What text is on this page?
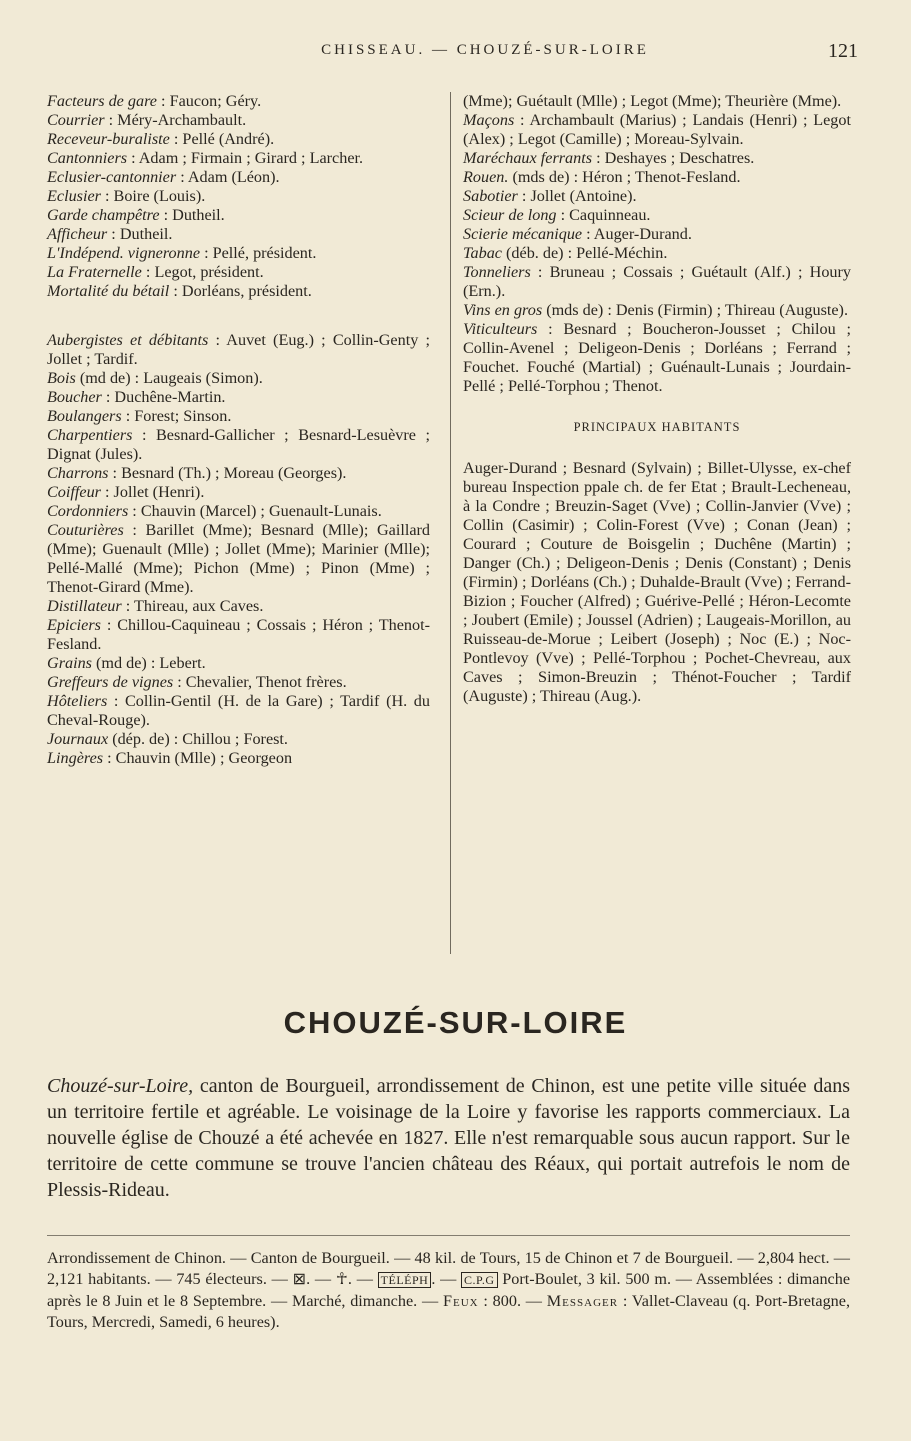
CHISSEAU. — CHOUZÉ-SUR-LOIRE	121
Facteurs de gare : Faucon; Géry.
Courrier : Méry-Archambault.
Receveur-buraliste : Pellé (André).
Cantonniers : Adam ; Firmain ; Girard ; Larcher.
Eclusier-cantonnier : Adam (Léon).
Eclusier : Boire (Louis).
Garde champêtre : Dutheil.
Afficheur : Dutheil.
L'Indépend. vigneronne : Pellé, président.
La Fraternelle : Legot, président.
Mortalité du bétail : Dorléans, président.
Aubergistes et débitants : Auvet (Eug.) ; Collin-Genty ; Jollet ; Tardif.
Bois (md de) : Laugeais (Simon).
Boucher : Duchêne-Martin.
Boulangers : Forest; Sinson.
Charpentiers : Besnard-Gallicher ; Besnard-Lesuèvre ; Dignat (Jules).
Charrons : Besnard (Th.) ; Moreau (Georges).
Coiffeur : Jollet (Henri).
Cordonniers : Chauvin (Marcel) ; Guenault-Lunais.
Couturières : Barillet (Mme); Besnard (Mlle); Gaillard (Mme); Guenault (Mlle) ; Jollet (Mme); Marinier (Mlle); Pellé-Mallé (Mme); Pichon (Mme) ; Pinon (Mme) ; Thenot-Girard (Mme).
Distillateur : Thireau, aux Caves.
Epiciers : Chillou-Caquineau ; Cossais ; Héron ; Thenot-Fesland.
Grains (md de) : Lebert.
Greffeurs de vignes : Chevalier, Thenot frères.
Hôteliers : Collin-Gentil (H. de la Gare) ; Tardif (H. du Cheval-Rouge).
Journaux (dép. de) : Chillou ; Forest.
Lingères : Chauvin (Mlle) ; Georgeon
(Mme); Guétault (Mlle) ; Legot (Mme); Theurière (Mme).
Maçons : Archambault (Marius) ; Landais (Henri) ; Legot (Alex) ; Legot (Camille) ; Moreau-Sylvain.
Maréchaux ferrants : Deshayes ; Deschatres.
Rouen. (mds de) : Héron ; Thenot-Fesland.
Sabotier : Jollet (Antoine).
Scieur de long : Caquinneau.
Scierie mécanique : Auger-Durand.
Tabac (déb. de) : Pellé-Méchin.
Tonneliers : Bruneau ; Cossais ; Guétault (Alf.) ; Houry (Ern.).
Vins en gros (mds de) : Denis (Firmin) ; Thireau (Auguste).
Viticulteurs : Besnard ; Boucheron-Jousset ; Chilou ; Collin-Avenel ; Deligeon-Denis ; Dorléans ; Ferrand ; Fouchet. Fouché (Martial) ; Guénault-Lunais ; Jourdain-Pellé ; Pellé-Torphou ; Thenot.
PRINCIPAUX HABITANTS
Auger-Durand ; Besnard (Sylvain) ; Billet-Ulysse, ex-chef bureau Inspection ppale ch. de fer Etat ; Brault-Lecheneau, à la Condre ; Breuzin-Saget (Vve) ; Collin-Janvier (Vve) ; Collin (Casimir) ; Colin-Forest (Vve) ; Conan (Jean) ; Courard ; Couture de Boisgelin ; Duchêne (Martin) ; Danger (Ch.) ; Deligeon-Denis ; Denis (Constant) ; Denis (Firmin) ; Dorléans (Ch.) ; Duhalde-Brault (Vve) ; Ferrand-Bizion ; Foucher (Alfred) ; Guérive-Pellé ; Héron-Lecomte ; Joubert (Emile) ; Joussel (Adrien) ; Laugeais-Morillon, au Ruisseau-de-Morue ; Leibert (Joseph) ; Noc (E.) ; Noc-Pontlevoy (Vve) ; Pellé-Torphou ; Pochet-Chevreau, aux Caves ; Simon-Breuzin ; Thénot-Foucher ; Tardif (Auguste) ; Thireau (Aug.).
CHOUZÉ-SUR-LOIRE
Chouzé-sur-Loire, canton de Bourgueil, arrondissement de Chinon, est une petite ville située dans un territoire fertile et agréable. Le voisinage de la Loire y favorise les rapports commerciaux. La nouvelle église de Chouzé a été achevée en 1827. Elle n'est remarquable sous aucun rapport. Sur le territoire de cette commune se trouve l'ancien château des Réaux, qui portait autrefois le nom de Plessis-Rideau.
Arrondissement de Chinon. — Canton de Bourgueil. — 48 kil. de Tours, 15 de Chinon et 7 de Bourgueil. — 2,804 hect. — 2,121 habitants. — 745 électeurs. — ⊠. — ☥. — TÉLÉPH . — C.P.G Port-Boulet, 3 kil. 500 m. — Assemblées : dimanche après le 8 Juin et le 8 Septembre. — Marché, dimanche. — Feux : 800. — Messager : Vallet-Claveau (q. Port-Bretagne, Tours, Mercredi, Samedi, 6 heures).
